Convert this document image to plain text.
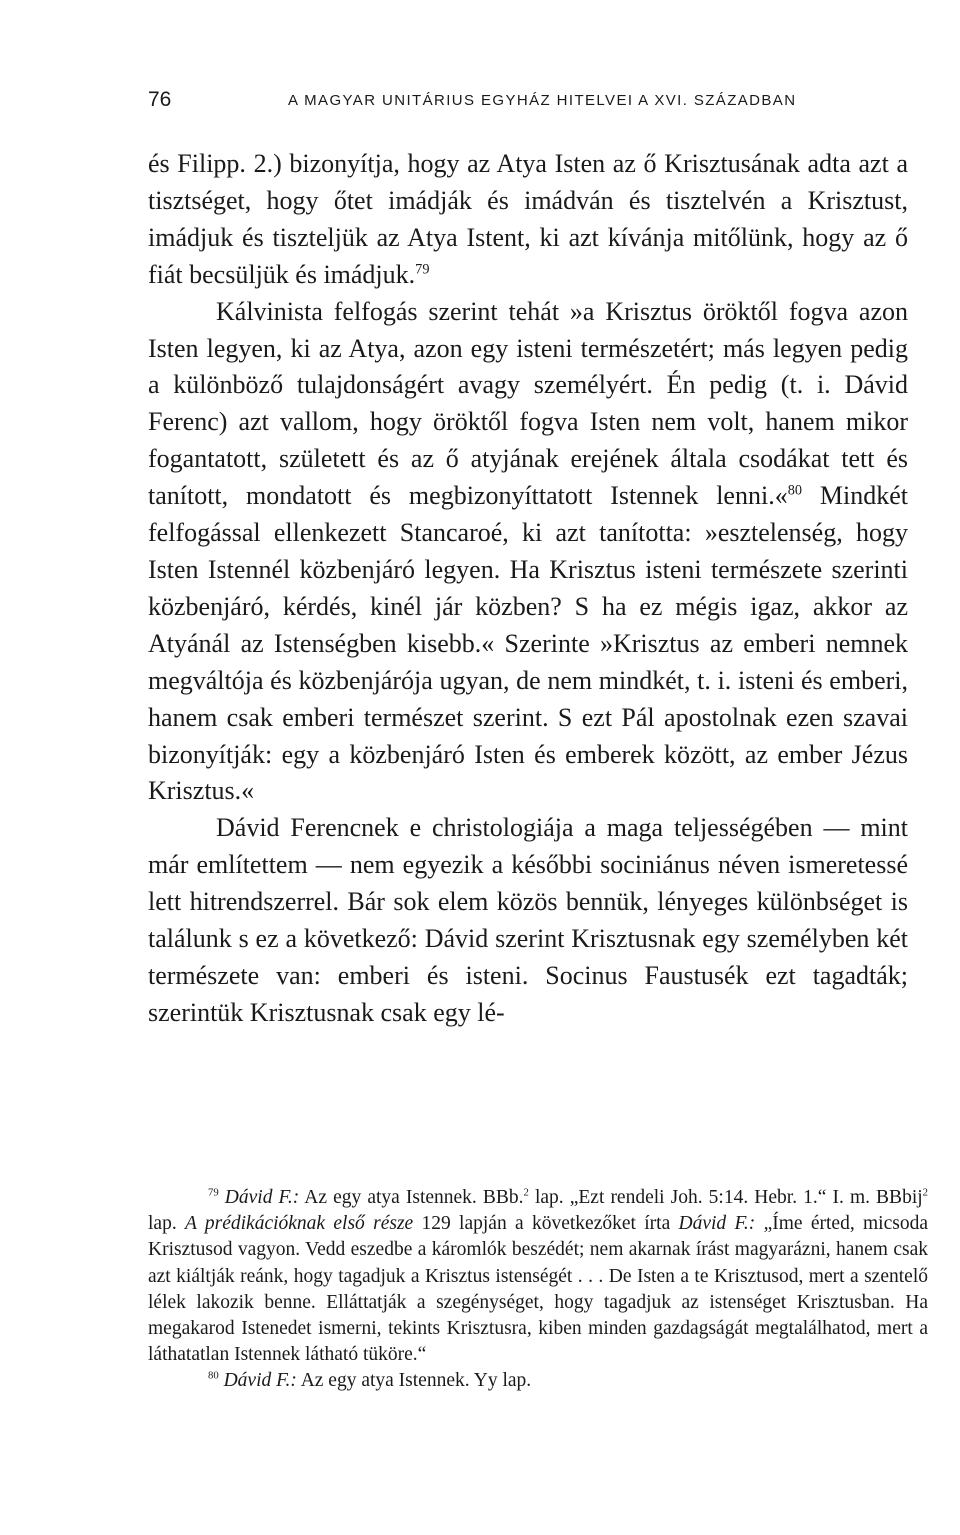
76	A MAGYAR UNITÁRIUS EGYHÁZ HITELVEI A XVI. SZÁZADBAN

és Filipp. 2.) bizonyítja, hogy az Atya Isten az ő Krisztusának adta azt a tisztséget, hogy őtet imádják és imádván és tisztelvén a Krisztust, imádjuk és tiszteljük az Atya Istent, ki azt kívánja mitőlünk, hogy az ő fiát becsüljük és imádjuk.$^{79}$

Kálvinista felfogás szerint tehát »a Krisztus öröktől fogva azon Isten legyen, ki az Atya, azon egy isteni természetért; más legyen pedig a különböző tulajdonságért avagy személyért. Én pedig (t. i. Dávid Ferenc) azt vallom, hogy öröktől fogva Isten nem volt, hanem mikor fogantatott, született és az ő atyjának erejének általa csodákat tett és tanított, mondatott és megbizonyíttatott Istennek lenni.«$^{80}$ Mindkét felfogással ellenkezett Stancaroé, ki azt tanította: »esztelenség, hogy Isten Istennél közbenjáró legyen. Ha Krisztus isteni természete szerinti közbenjáró, kérdés, kinél jár közben? S ha ez mégis igaz, akkor az Atyánál az Istenségben kisebb.« Szerinte »Krisztus az emberi nemnek megváltója és közbenjárója ugyan, de nem mindkét, t. i. isteni és emberi, hanem csak emberi természet szerint. S ezt Pál apostolnak ezen szavai bizonyítják: egy a közbenjáró Isten és emberek között, az ember Jézus Krisztus.«

Dávid Ferencnek e christologiája a maga teljességében — mint már említettem — nem egyezik a későbbi sociniánus néven ismeretessé lett hitrendszerrel. Bár sok elem közös bennük, lényeges különbséget is találunk s ez a következő: Dávid szerint Krisztusnak egy személyben két természete van: emberi és isteni. Socinus Faustusék ezt tagadták; szerintük Krisztusnak csak egy lé-

$^{79}$ Dávid F.: Az egy atya Istennek. BBb.$^2$ lap. „Ezt rendeli Joh. 5:14. Hebr. 1.“ I. m. BBbij$^2$ lap. A prédikációknak első része 129 lapján a következőket írta Dávid F.: „Íme érted, micsoda Krisztusod vagyon. Vedd eszedbe a káromlók beszédét; nem akarnak írást magyarázni, hanem csak azt kiáltják reánk, hogy tagadjuk a Krisztus istenségét . . . De Isten a te Krisztusod, mert a szentelő lélek lakozik benne. Elláttatják a szegénységet, hogy tagadjuk az istenséget Krisztusban. Ha megakarod Istenedet ismerni, tekints Krisztusra, kiben minden gazdagságát megtalálhatod, mert a láthatatlan Istennek látható tüköre.“

$^{80}$ Dávid F.: Az egy atya Istennek. Yy lap.
